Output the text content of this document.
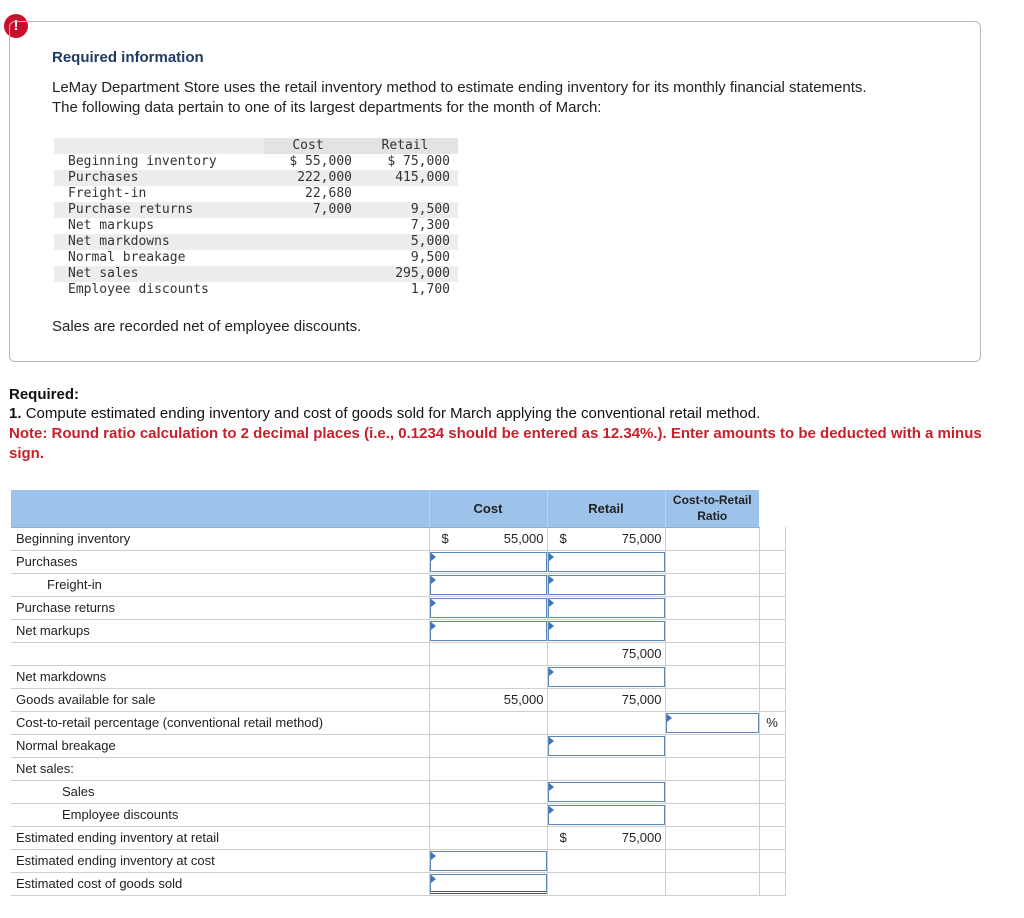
!
Required information
LeMay Department Store uses the retail inventory method to estimate ending inventory for its monthly financial statements. The following data pertain to one of its largest departments for the month of March:
	Cost	Retail
Beginning inventory	$ 55,000	$ 75,000
Purchases	222,000	415,000
Freight-in	22,680	
Purchase returns	7,000	9,500
Net markups		7,300
Net markdowns		5,000
Normal breakage		9,500
Net sales		295,000
Employee discounts		1,700
Sales are recorded net of employee discounts.
Required:
1. Compute estimated ending inventory and cost of goods sold for March applying the conventional retail method.
Note: Round ratio calculation to 2 decimal places (i.e., 0.1234 should be entered as 12.34%.). Enter amounts to be deducted with a minus sign.
	Cost	Retail	Cost-to-Retail Ratio	
Beginning inventory	$ 55,000	$ 75,000		

Purchases	

Freight-in	

Purchase returns	

Net markups	

		75,000		

Net markdowns		

Goods available for sale	55,000	75,000		

Cost-to-retail percentage (conventional retail method)				%
Normal breakage		

Net sales:				
Sales		

Employee discounts		

Estimated ending inventory at retail		$ 75,000		

Estimated ending inventory at cost	

Estimated cost of goods sold	
